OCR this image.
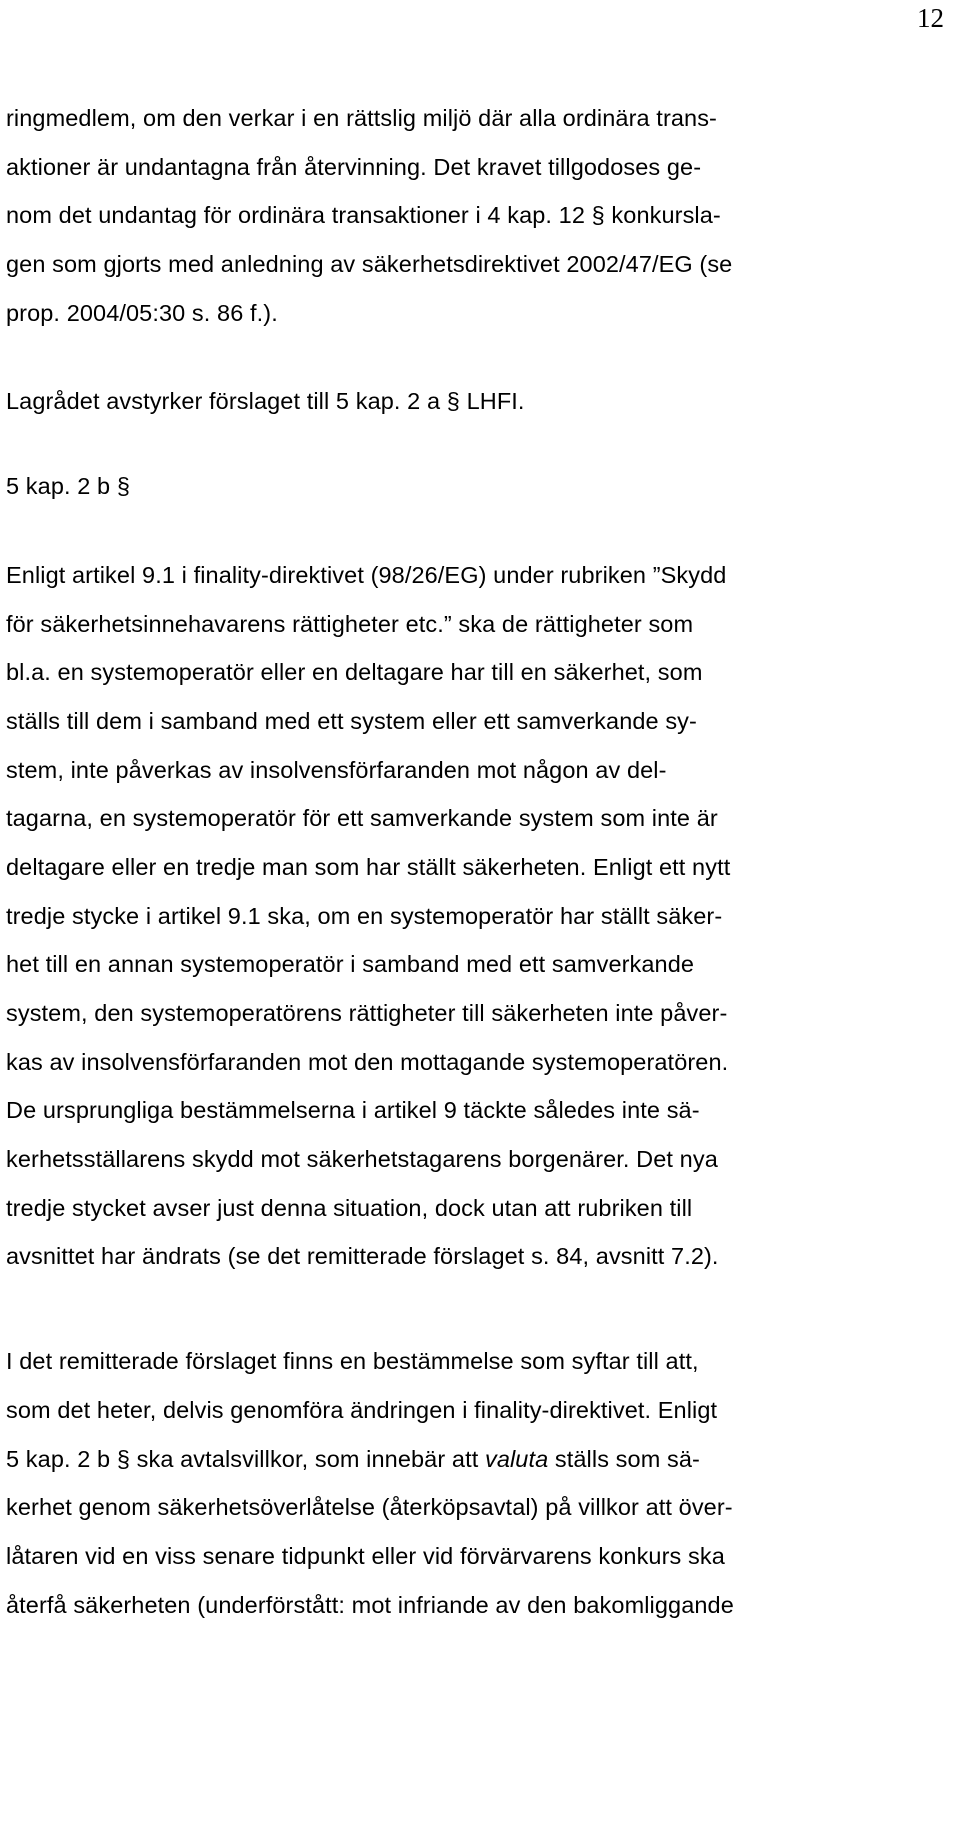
12
ringmedlem, om den verkar i en rättslig miljö där alla ordinära trans-
aktioner är undantagna från återvinning. Det kravet tillgodoses ge-
nom det undantag för ordinära transaktioner i 4 kap. 12 § konkursla-
gen som gjorts med anledning av säkerhetsdirektivet 2002/47/EG (se
prop. 2004/05:30 s. 86 f.).
Lagrådet avstyrker förslaget till 5 kap. 2 a § LHFI.
5 kap. 2 b §
Enligt artikel 9.1 i finality-direktivet (98/26/EG) under rubriken ”Skydd
för säkerhetsinnehavarens rättigheter etc.” ska de rättigheter som
bl.a. en systemoperatör eller en deltagare har till en säkerhet, som
ställs till dem i samband med ett system eller ett samverkande sy-
stem, inte påverkas av insolvensförfaranden mot någon av del-
tagarna, en systemoperatör för ett samverkande system som inte är
deltagare eller en tredje man som har ställt säkerheten. Enligt ett nytt
tredje stycke i artikel 9.1 ska, om en systemoperatör har ställt säker-
het till en annan systemoperatör i samband med ett samverkande
system, den systemoperatörens rättigheter till säkerheten inte påver-
kas av insolvensförfaranden mot den mottagande systemoperatören.
De ursprungliga bestämmelserna i artikel 9 täckte således inte sä-
kerhetsställarens skydd mot säkerhetstagarens borgenärer. Det nya
tredje stycket avser just denna situation, dock utan att rubriken till
avsnittet har ändrats (se det remitterade förslaget s. 84, avsnitt 7.2).
I det remitterade förslaget finns en bestämmelse som syftar till att,
som det heter, delvis genomföra ändringen i finality-direktivet. Enligt
5 kap. 2 b § ska avtalsvillkor, som innebär att valuta ställs som sä-
kerhet genom säkerhetsöverlåtelse (återköpsavtal) på villkor att över-
låtaren vid en viss senare tidpunkt eller vid förvärvarens konkurs ska
återfå säkerheten (underförstått: mot infriande av den bakomliggande
